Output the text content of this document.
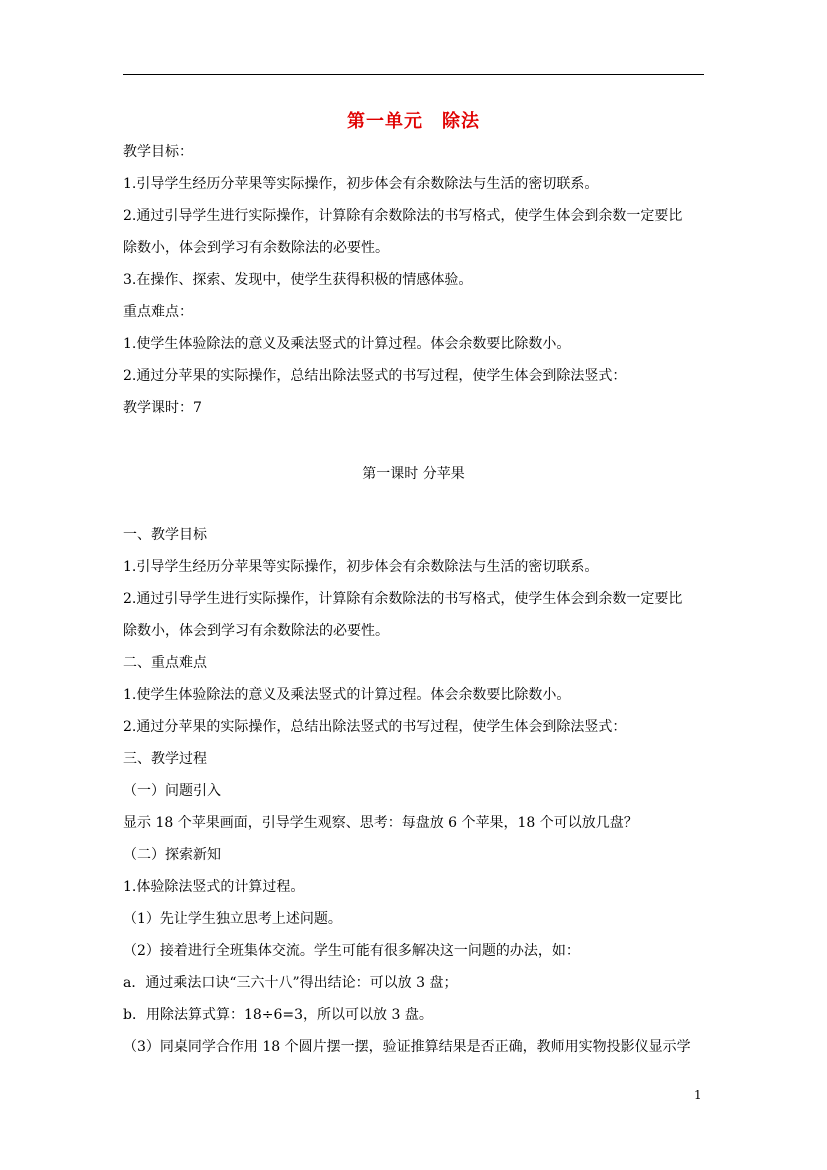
第一单元　除法
教学目标：
1.引导学生经历分苹果等实际操作，初步体会有余数除法与生活的密切联系。
2.通过引导学生进行实际操作，计算除有余数除法的书写格式，使学生体会到余数一定要比
除数小，体会到学习有余数除法的必要性。
3.在操作、探索、发现中，使学生获得积极的情感体验。
重点难点：
1.使学生体验除法的意义及乘法竖式的计算过程。体会余数要比除数小。
2.通过分苹果的实际操作，总结出除法竖式的书写过程，使学生体会到除法竖式：
教学课时：7
第一课时 分苹果
一、教学目标
1.引导学生经历分苹果等实际操作，初步体会有余数除法与生活的密切联系。
2.通过引导学生进行实际操作，计算除有余数除法的书写格式，使学生体会到余数一定要比
除数小，体会到学习有余数除法的必要性。
二、重点难点
1.使学生体验除法的意义及乘法竖式的计算过程。体会余数要比除数小。
2.通过分苹果的实际操作，总结出除法竖式的书写过程，使学生体会到除法竖式：
三、教学过程
（一）问题引入
显示 18 个苹果画面，引导学生观察、思考：每盘放 6 个苹果，18 个可以放几盘？
（二）探索新知
1.体验除法竖式的计算过程。
（1）先让学生独立思考上述问题。
（2）接着进行全班集体交流。学生可能有很多解决这一问题的办法，如：
a．通过乘法口诀“三六十八”得出结论：可以放 3 盘；
b．用除法算式算：18÷6=3，所以可以放 3 盘。
（3）同桌同学合作用 18 个圆片摆一摆，验证推算结果是否正确，教师用实物投影仪显示学
1
